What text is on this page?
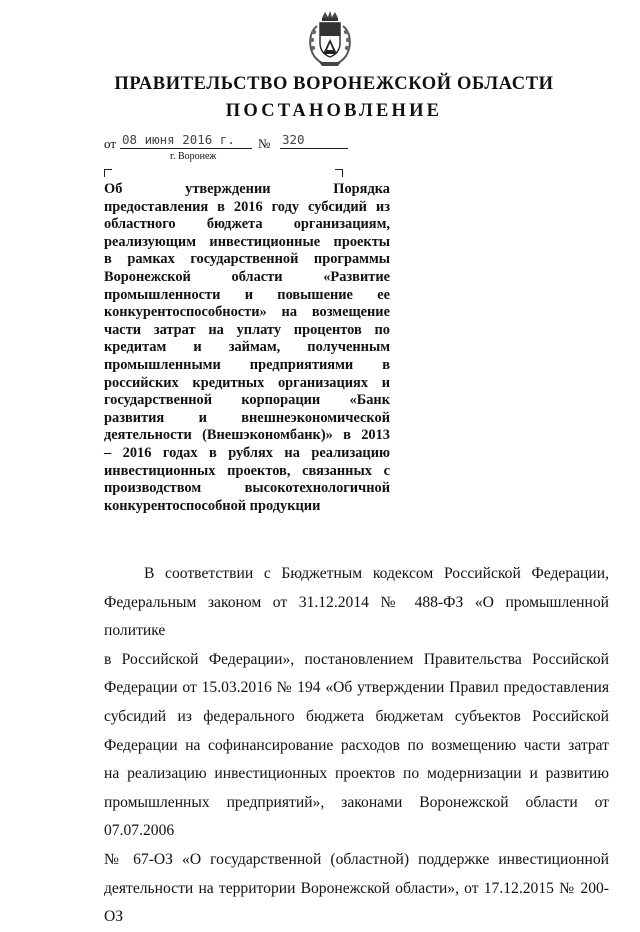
ПРАВИТЕЛЬСТВО ВОРОНЕЖСКОЙ ОБЛАСТИ
ПОСТАНОВЛЕНИЕ
от 08 июня 2016 г.	№ 320
г. Воронеж
Об утверждении Порядка
предоставления в 2016 году субсидий из
областного бюджета организациям,
реализующим инвестиционные проекты
в рамках государственной программы
Воронежской области «Развитие
промышленности и повышение ее
конкурентоспособности» на возмещение
части затрат на уплату процентов по
кредитам и займам, полученным
промышленными предприятиями в
российских кредитных организациях и
государственной корпорации «Банк
развития и внешнеэкономической
деятельности (Внешэкономбанк)» в 2013
– 2016 годах в рублях на реализацию
инвестиционных проектов, связанных с
производством высокотехнологичной
конкурентоспособной продукции
В соответствии с Бюджетным кодексом Российской Федерации,
Федеральным законом от 31.12.2014 № 488-ФЗ «О промышленной политике
в Российской Федерации», постановлением Правительства Российской
Федерации от 15.03.2016 № 194 «Об утверждении Правил предоставления
субсидий из федерального бюджета бюджетам субъектов Российской
Федерации на софинансирование расходов по возмещению части затрат
на реализацию инвестиционных проектов по модернизации и развитию
промышленных предприятий», законами Воронежской области от 07.07.2006
№ 67-ОЗ «О государственной (областной) поддержке инвестиционной
деятельности на территории Воронежской области», от 17.12.2015 № 200-ОЗ
